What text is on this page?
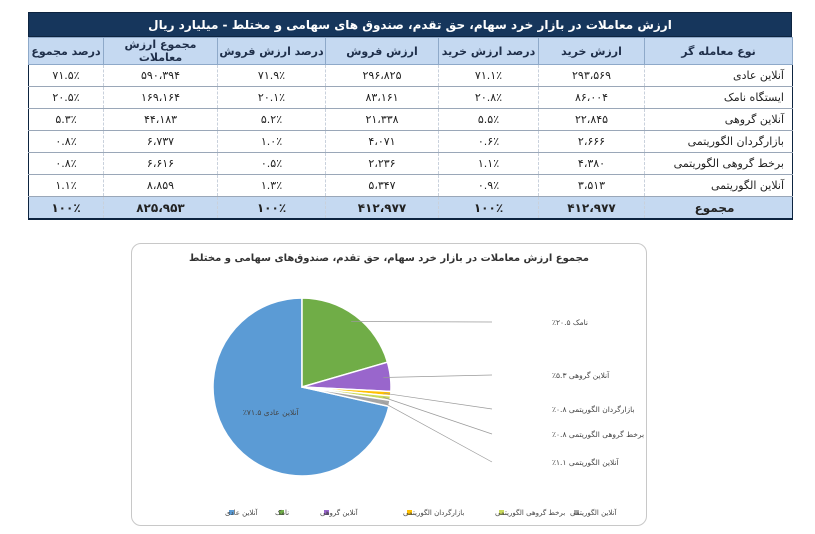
ارزش معاملات در بازار خرد سهام، حق تقدم، صندوق های سهامی و مختلط - میلیارد ریال
نوع معامله گر	ارزش خرید	درصد ارزش خرید	ارزش فروش	درصد ارزش فروش	مجموع ارزش معاملات	درصد مجموع
آنلاین عادی	۲۹۳،۵۶۹	۷۱.۱٪	۲۹۶،۸۲۵	۷۱.۹٪	۵۹۰،۳۹۴	۷۱.۵٪
ایستگاه نامک	۸۶،۰۰۴	۲۰.۸٪	۸۳،۱۶۱	۲۰.۱٪	۱۶۹،۱۶۴	۲۰.۵٪
آنلاین گروهی	۲۲،۸۴۵	۵.۵٪	۲۱،۳۳۸	۵.۲٪	۴۴،۱۸۳	۵.۳٪
بازارگردان الگوریتمی	۲،۶۶۶	۰.۶٪	۴،۰۷۱	۱.۰٪	۶،۷۳۷	۰.۸٪
برخط گروهی الگوریتمی	۴،۳۸۰	۱.۱٪	۲،۲۳۶	۰.۵٪	۶،۶۱۶	۰.۸٪
آنلاین الگوریتمی	۳،۵۱۳	۰.۹٪	۵،۳۴۷	۱.۳٪	۸،۸۵۹	۱.۱٪
مجموع	۴۱۲،۹۷۷	۱۰۰٪	۴۱۲،۹۷۷	۱۰۰٪	۸۲۵،۹۵۳	۱۰۰٪
مجموع ارزش معاملات در بازار خرد سهام، حق تقدم، صندوق‌های سهامی و مختلط
آنلاین عادی ۷۱.۵٪
نامک ۲۰.۵٪
آنلاین گروهی ۵.۳٪
بازارگردان الگوریتمی ۰.۸٪
برخط گروهی الگوریتمی ۰.۸٪
آنلاین الگوریتمی ۱.۱٪
آنلاین عادی	نامک	آنلاین گروهی	بازارگردان الگوریتمی	برخط گروهی الگوریتمی آنلاین الگوریتمی
